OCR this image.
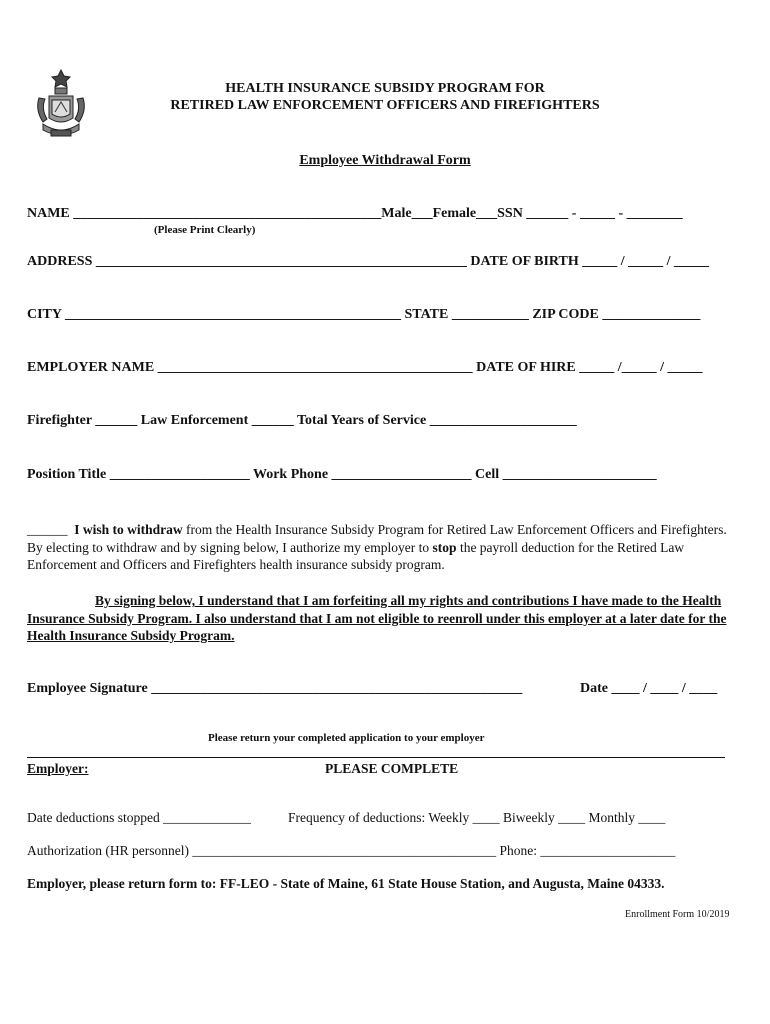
HEALTH INSURANCE SUBSIDY PROGRAM FOR
RETIRED LAW ENFORCEMENT OFFICERS AND FIREFIGHTERS
Employee Withdrawal Form
NAME ____________________________________________Male___Female___SSN ______ - _____ - ________
(Please Print Clearly)
ADDRESS _____________________________________________________ DATE OF BIRTH _____ / _____ / _____
CITY ________________________________________________ STATE ___________ ZIP CODE ______________
EMPLOYER NAME _____________________________________________ DATE OF HIRE _____ /_____ / _____
Firefighter ______ Law Enforcement ______ Total Years of Service _____________________
Position Title ____________________ Work Phone ____________________ Cell ______________________
______ I wish to withdraw from the Health Insurance Subsidy Program for Retired Law Enforcement Officers and Firefighters. By electing to withdraw and by signing below, I authorize my employer to stop the payroll deduction for the Retired Law Enforcement and Officers and Firefighters health insurance subsidy program.
By signing below, I understand that I am forfeiting all my rights and contributions I have made to the Health Insurance Subsidy Program. I also understand that I am not eligible to reenroll under this employer at a later date for the Health Insurance Subsidy Program.
Employee Signature _____________________________________________________	Date ____ / ____ / ____
Please return your completed application to your employer
Employer:	PLEASE COMPLETE
Date deductions stopped _____________	Frequency of deductions: Weekly ____ Biweekly ____ Monthly ____
Authorization (HR personnel) _____________________________________________ Phone: ____________________
Employer, please return form to: FF-LEO - State of Maine, 61 State House Station, and Augusta, Maine 04333.
Enrollment Form 10/2019
